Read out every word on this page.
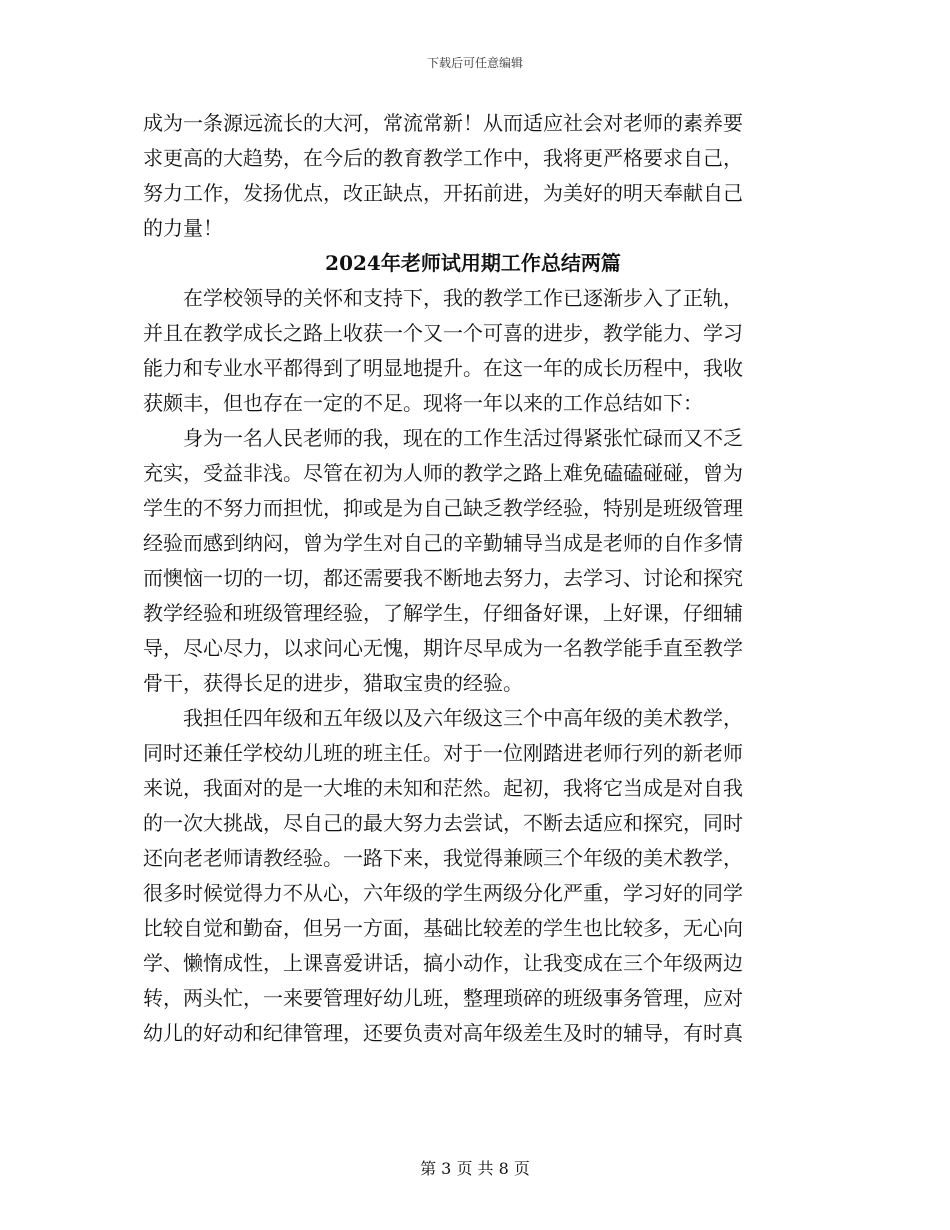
下载后可任意编辑
成为一条源远流长的大河，常流常新！从而适应社会对老师的素养要
求更高的大趋势，在今后的教育教学工作中，我将更严格要求自己，
努力工作，发扬优点，改正缺点，开拓前进，为美好的明天奉献自己
的力量！
2024年老师试用期工作总结两篇
在学校领导的关怀和支持下，我的教学工作已逐渐步入了正轨，
并且在教学成长之路上收获一个又一个可喜的进步，教学能力、学习
能力和专业水平都得到了明显地提升。在这一年的成长历程中，我收
获颇丰，但也存在一定的不足。现将一年以来的工作总结如下：
身为一名人民老师的我，现在的工作生活过得紧张忙碌而又不乏
充实，受益非浅。尽管在初为人师的教学之路上难免磕磕碰碰，曾为
学生的不努力而担忧，抑或是为自己缺乏教学经验，特别是班级管理
经验而感到纳闷，曾为学生对自己的辛勤辅导当成是老师的自作多情
而懊恼一切的一切，都还需要我不断地去努力，去学习、讨论和探究
教学经验和班级管理经验，了解学生，仔细备好课，上好课，仔细辅
导，尽心尽力，以求问心无愧，期许尽早成为一名教学能手直至教学
骨干，获得长足的进步，猎取宝贵的经验。
我担任四年级和五年级以及六年级这三个中高年级的美术教学，
同时还兼任学校幼儿班的班主任。对于一位刚踏进老师行列的新老师
来说，我面对的是一大堆的未知和茫然。起初，我将它当成是对自我
的一次大挑战，尽自己的最大努力去尝试，不断去适应和探究，同时
还向老老师请教经验。一路下来，我觉得兼顾三个年级的美术教学，
很多时候觉得力不从心，六年级的学生两级分化严重，学习好的同学
比较自觉和勤奋，但另一方面，基础比较差的学生也比较多，无心向
学、懒惰成性，上课喜爱讲话，搞小动作，让我变成在三个年级两边
转，两头忙，一来要管理好幼儿班，整理琐碎的班级事务管理，应对
幼儿的好动和纪律管理，还要负责对高年级差生及时的辅导，有时真
第 3 页 共 8 页
